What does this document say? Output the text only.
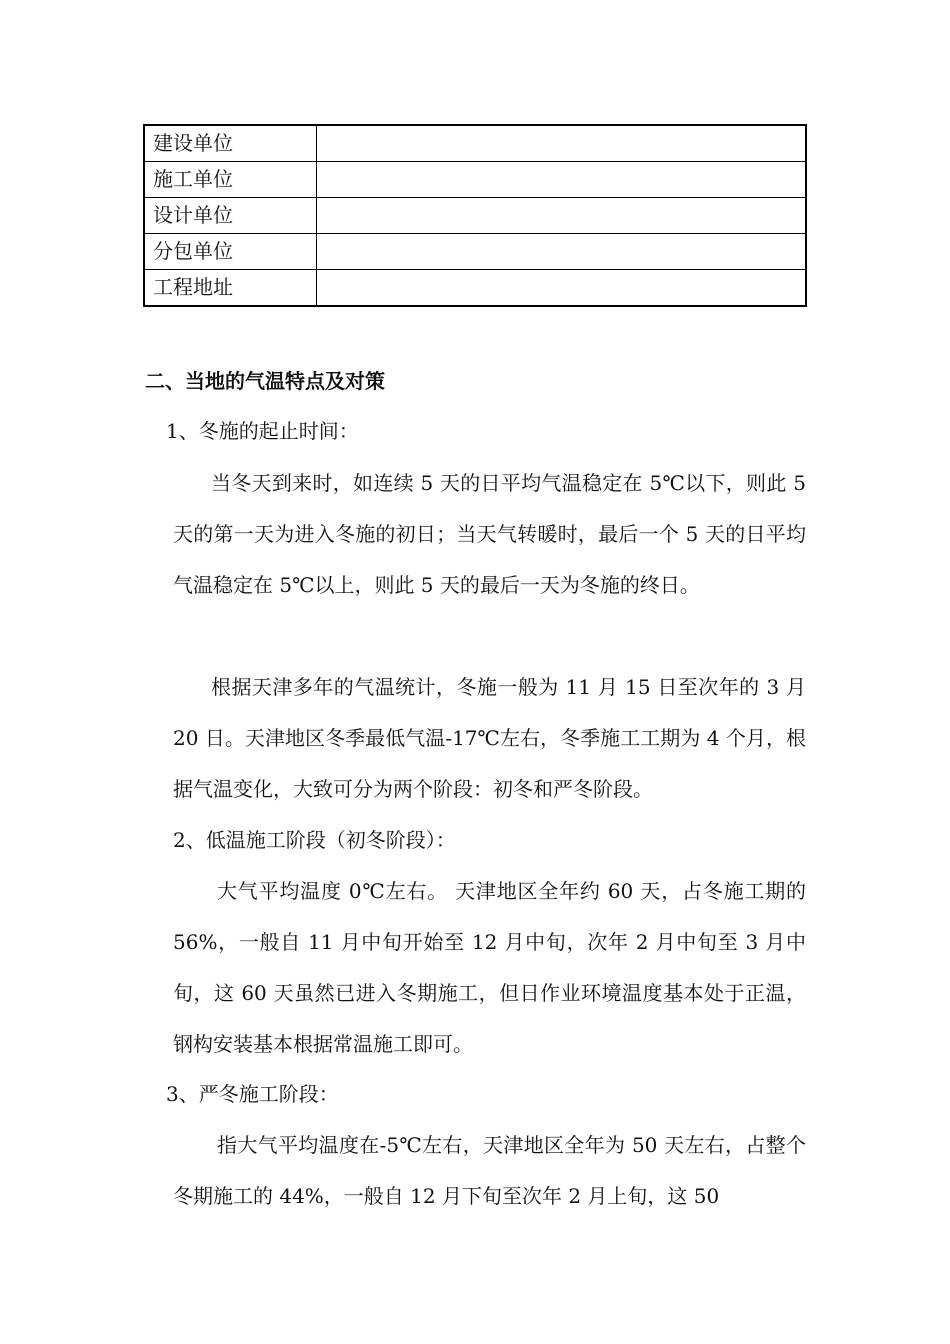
建设单位	
施工单位	
设计单位	
分包单位	
工程地址	
二、当地的气温特点及对策
1、冬施的起止时间：

当冬天到来时，如连续 5 天的日平均气温稳定在 5℃以下，则此 5 天的第一天为进入冬施的初日；当天气转暖时，最后一个 5 天的日平均气温稳定在 5℃以上，则此 5 天的最后一天为冬施的终日。

根据天津多年的气温统计，冬施一般为 11 月 15 日至次年的 3 月 20 日。天津地区冬季最低气温-17℃左右，冬季施工工期为 4 个月，根据气温变化，大致可分为两个阶段：初冬和严冬阶段。

2、低温施工阶段（初冬阶段）：

大气平均温度 0℃左右。 天津地区全年约 60 天，占冬施工期的 56%，一般自 11 月中旬开始至 12 月中旬，次年 2 月中旬至 3 月中旬，这 60 天虽然已进入冬期施工，但日作业环境温度基本处于正温，钢构安装基本根据常温施工即可。

3、严冬施工阶段：

指大气平均温度在-5℃左右，天津地区全年为 50 天左右，占整个冬期施工的 44%，一般自 12 月下旬至次年 2 月上旬，这 50
